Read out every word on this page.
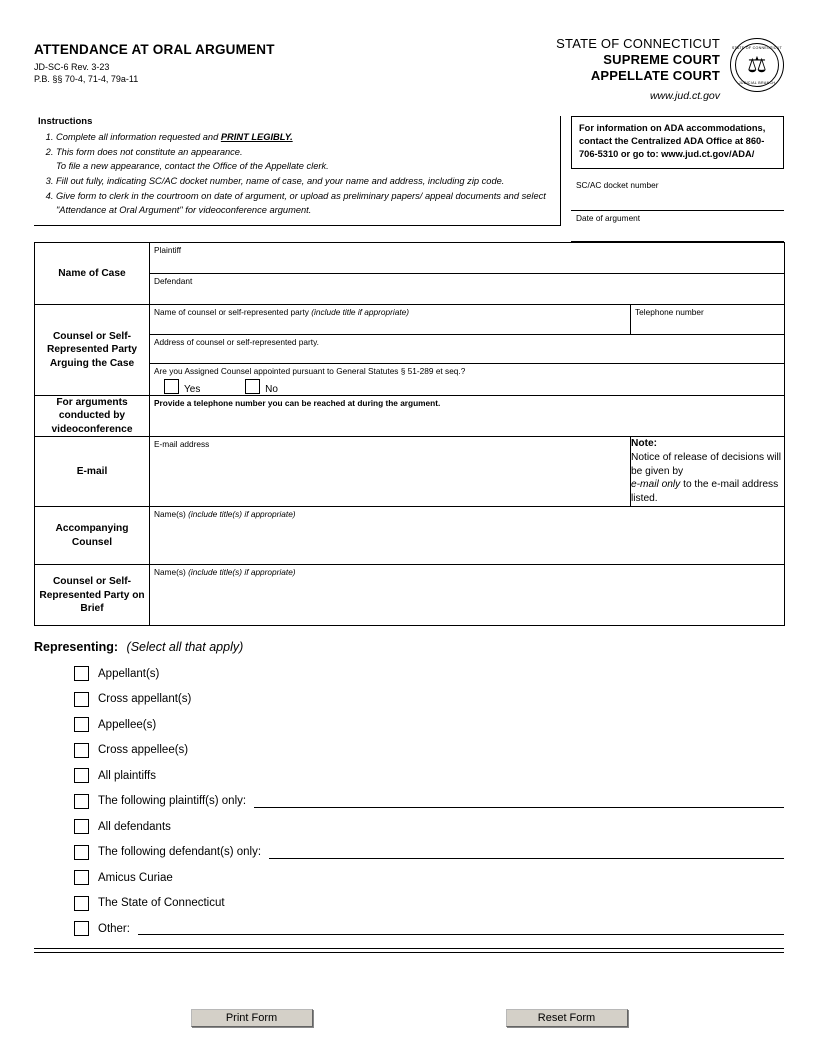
ATTENDANCE AT ORAL ARGUMENT
JD-SC-6 Rev. 3-23
P.B. §§ 70-4, 71-4, 79a-11
STATE OF CONNECTICUT
SUPREME COURT
APPELLATE COURT
www.jud.ct.gov
STATE OF CONNECTICUT
⚖
JUDICIAL BRANCH
Instructions
1. Complete all information requested and PRINT LEGIBLY.
2. This form does not constitute an appearance.
To file a new appearance, contact the Office of the Appellate clerk.
3. Fill out fully, indicating SC/AC docket number, name of case, and your name and address, including zip code.
4. Give form to clerk in the courtroom on date of argument, or upload as preliminary papers/ appeal documents and select "Attendance at Oral Argument" for videoconference argument.
For information on ADA accommodations, contact the Centralized ADA Office at 860-706-5310 or go to: www.jud.ct.gov/ADA/
SC/AC docket number
Date of argument
Name of Case	Plaintiff	

	Defendant	

Counsel or Self-Represented Party Arguing the Case	Name of counsel or self-represented party (include title if appropriate)	Telephone number

	Address of counsel or self-represented party.	

	Are you Assigned Counsel appointed pursuant to General Statutes § 51-289 et seq.?
Yes No	

For arguments conducted by videoconference	Provide a telephone number you can be reached at during the argument.	

E-mail	E-mail address	Note:
Notice of release of decisions will be given by
e-mail only to the e-mail address listed.
Accompanying Counsel	Name(s) (include title(s) if appropriate)	

Counsel or Self-Represented Party on Brief	Name(s) (include title(s) if appropriate)	
Representing: (Select all that apply)
Appellant(s)
Cross appellant(s)
Appellee(s)
Cross appellee(s)
All plaintiffs
The following plaintiff(s) only:
All defendants
The following defendant(s) only:
Amicus Curiae
The State of Connecticut
Other:
Print Form	Reset Form
